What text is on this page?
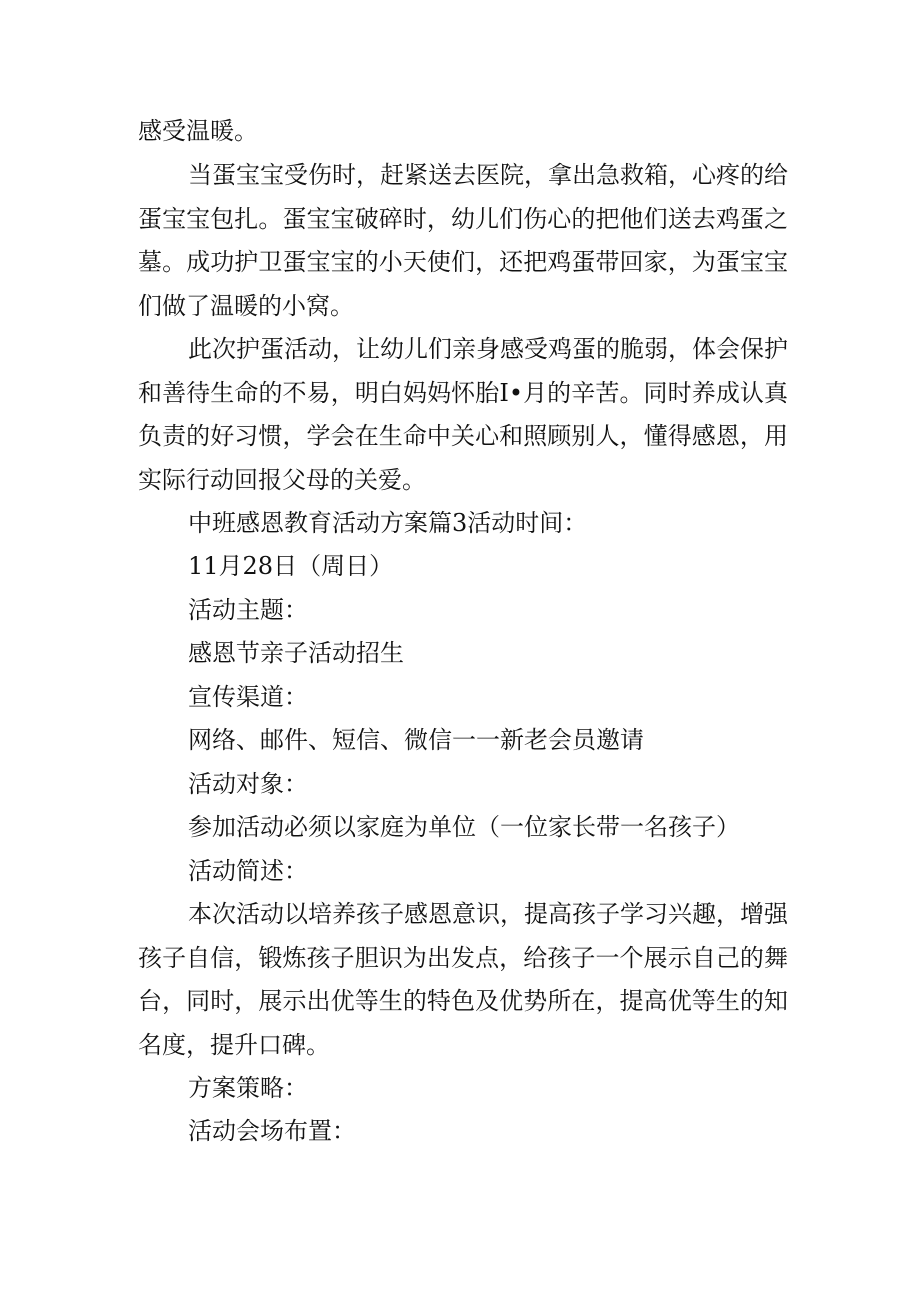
感受温暖。

当蛋宝宝受伤时，赶紧送去医院，拿出急救箱，心疼的给蛋宝宝包扎。蛋宝宝破碎时，幼儿们伤心的把他们送去鸡蛋之墓。成功护卫蛋宝宝的小天使们，还把鸡蛋带回家，为蛋宝宝们做了温暖的小窝。

此次护蛋活动，让幼儿们亲身感受鸡蛋的脆弱，体会保护和善待生命的不易，明白妈妈怀胎I•月的辛苦。同时养成认真负责的好习惯，学会在生命中关心和照顾别人，懂得感恩，用实际行动回报父母的关爱。

中班感恩教育活动方案篇3活动时间：

11月28日（周日）

活动主题：

感恩节亲子活动招生

宣传渠道：

网络、邮件、短信、微信一一新老会员邀请

活动对象：

参加活动必须以家庭为单位（一位家长带一名孩子）

活动简述：

本次活动以培养孩子感恩意识，提高孩子学习兴趣，增强孩子自信，锻炼孩子胆识为出发点，给孩子一个展示自己的舞台，同时，展示出优等生的特色及优势所在，提高优等生的知名度，提升口碑。

方案策略：

活动会场布置：
